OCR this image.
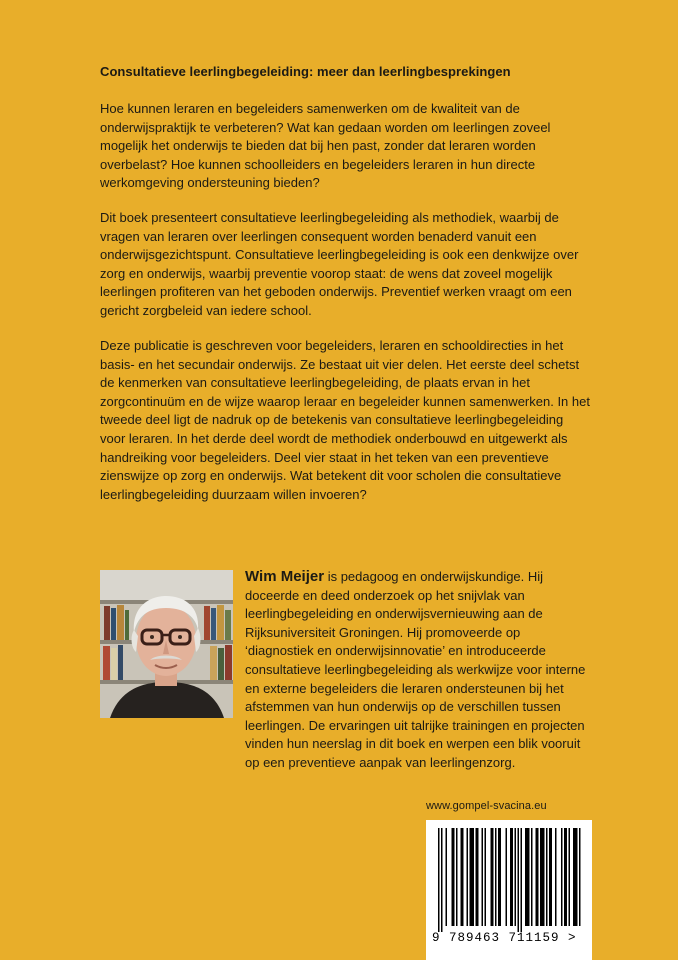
Consultatieve leerlingbegeleiding: meer dan leerlingbesprekingen

Hoe kunnen leraren en begeleiders samenwerken om de kwaliteit van de onderwijspraktijk te verbeteren? Wat kan gedaan worden om leerlingen zoveel mogelijk het onderwijs te bieden dat bij hen past, zonder dat leraren worden overbelast? Hoe kunnen schoolleiders en begeleiders leraren in hun directe werkomgeving ondersteuning bieden?

Dit boek presenteert consultatieve leerlingbegeleiding als methodiek, waarbij de vragen van leraren over leerlingen consequent worden benaderd vanuit een onderwijsgezichtspunt. Consultatieve leerlingbegeleiding is ook een denkwijze over zorg en onderwijs, waarbij preventie voorop staat: de wens dat zoveel mogelijk leerlingen profiteren van het geboden onderwijs. Preventief werken vraagt om een gericht zorgbeleid van iedere school.

Deze publicatie is geschreven voor begeleiders, leraren en schooldirecties in het basis- en het secundair onderwijs. Ze bestaat uit vier delen. Het eerste deel schetst de kenmerken van consultatieve leerlingbegeleiding, de plaats ervan in het zorgcontinuüm en de wijze waarop leraar en begeleider kunnen samenwerken. In het tweede deel ligt de nadruk op de betekenis van consultatieve leerlingbegeleiding voor leraren. In het derde deel wordt de methodiek onderbouwd en uitgewerkt als handreiking voor begeleiders. Deel vier staat in het teken van een preventieve zienswijze op zorg en onderwijs. Wat betekent dit voor scholen die consultatieve leerlingbegeleiding duurzaam willen invoeren?

Wim Meijer is pedagoog en onderwijskundige. Hij doceerde en deed onderzoek op het snijvlak van leerlingbegeleiding en onderwijsvernieuwing aan de Rijksuniversiteit Groningen. Hij promoveerde op ‘diagnostiek en onderwijsinnovatie’ en introduceerde consultatieve leerlingbegeleiding als werkwijze voor interne en externe begeleiders die leraren ondersteunen bij het afstemmen van hun onderwijs op de verschillen tussen leerlingen. De ervaringen uit talrijke trainingen en projecten vinden hun neerslag in dit boek en werpen een blik vooruit op een preventieve aanpak van leerlingenzorg.

www.gompel-svacina.eu
9 789463 711159 >
